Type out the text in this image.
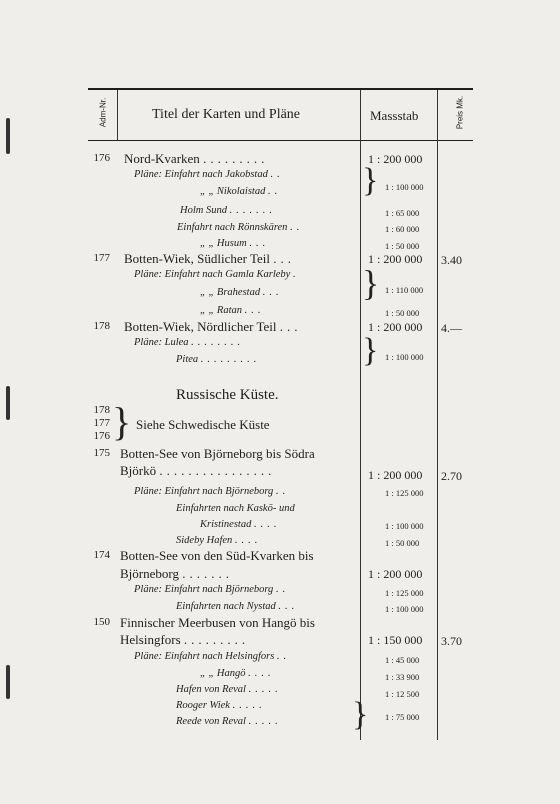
Adm-Nr.	Titel der Karten und Pläne	Massstab	Preis Mk.
176 Nord-Kvarken .........	1 : 200 000
Pläne: Einfahrt nach Jakobstad ..
„ „ Nikolaistad .. } 1 : 100 000
Holm Sund .......	1 : 65 000
Einfahrt nach Rönnskären ..	1 : 60 000
„ „ Husum ...	1 : 50 000
177 Botten-Wiek, Südlicher Teil ...	1 : 200 000 3.40
Pläne: Einfahrt nach Gamla Karleby .
„ „ Brahestad ... } 1 : 110 000
„ „ Ratan ...	1 : 50 000
178 Botten-Wiek, Nördlicher Teil ...	1 : 200 000 4.—
Pläne: Lulea ........
Pitea .........	} 1 : 100 000
Russische Küste.
178
177
176 } Siehe Schwedische Küste
175 Botten-See von Björneborg bis Södra
Björkö ................	1 : 200 000 2.70
Pläne: Einfahrt nach Björneborg ..	1 : 125 000
Einfahrten nach Kaskö- und
Kristinestad ....	1 : 100 000
Sideby Hafen ....	1 : 50 000
174 Botten-See von den Süd-Kvarken bis
Björneborg .......	1 : 200 000
Pläne: Einfahrt nach Björneborg ..	1 : 125 000
Einfahrten nach Nystad ...	1 : 100 000
150 Finnischer Meerbusen von Hangö bis
Helsingfors .........	1 : 150 000 3.70
Pläne: Einfahrt nach Helsingfors ..	1 : 45 000
„ „ Hangö ....	1 : 33 900
Hafen von Reval .....	1 : 12 500
Rooger Wiek .....
Reede von Reval ..... } 1 : 75 000
